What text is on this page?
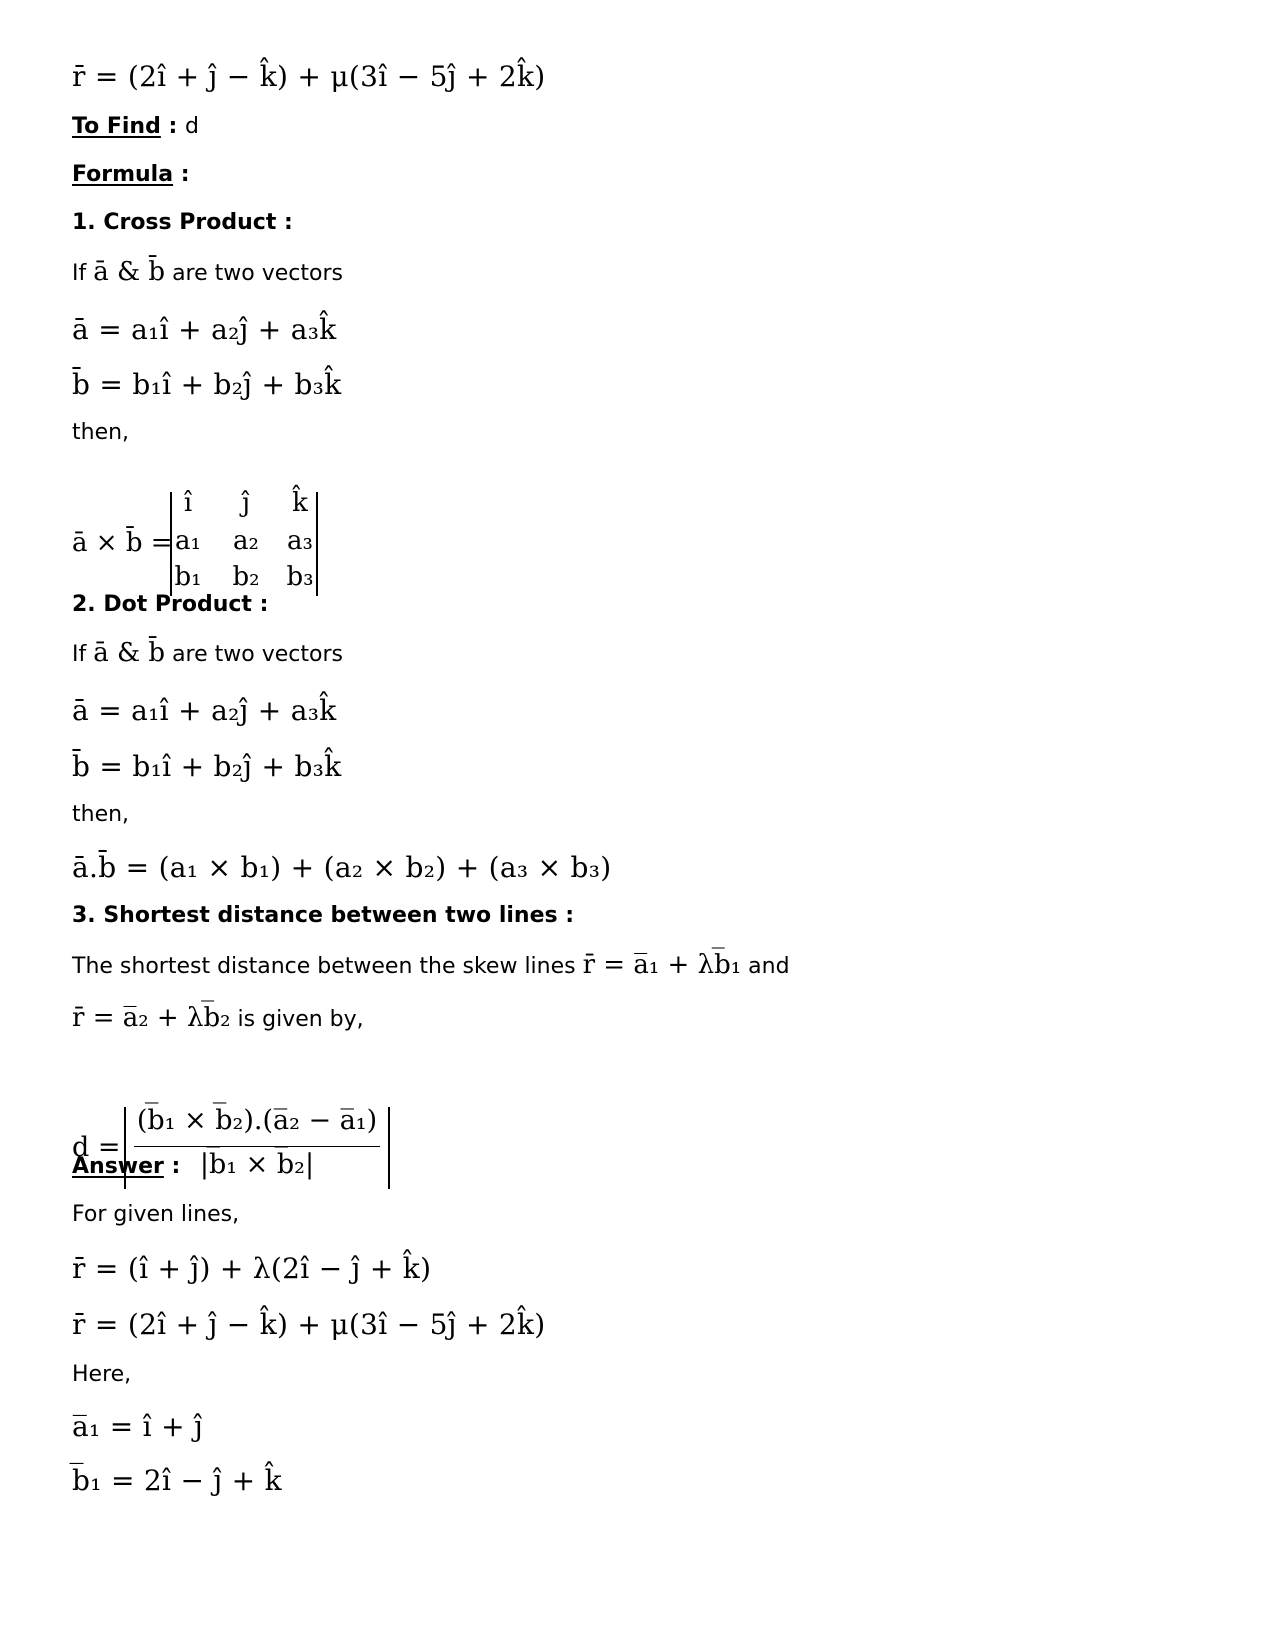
r̄ = (2î + ĵ − k̂) + μ(3î − 5ĵ + 2k̂)
To Find : d
Formula :
1. Cross Product :
If ā & b̄ are two vectors
ā = a₁î + a₂ĵ + a₃k̂
b̄ = b₁î + b₂ĵ + b₃k̂
then,
ā × b̄ =
î	ĵ	k̂
a₁	a₂	a₃
b₁	b₂	b₃
2. Dot Product :
If ā & b̄ are two vectors
ā = a₁î + a₂ĵ + a₃k̂
b̄ = b₁î + b₂ĵ + b₃k̂
then,
ā.b̄ = (a₁ × b₁) + (a₂ × b₂) + (a₃ × b₃)
3. Shortest distance between two lines :
The shortest distance between the skew lines r̄ = a̅₁ + λb̅₁ and
r̄ = a̅₂ + λb̅₂ is given by,
d =
(b̅₁ × b̅₂).(a̅₂ − a̅₁)
|b̅₁ × b̅₂|
Answer :
For given lines,
r̄ = (î + ĵ) + λ(2î − ĵ + k̂)
r̄ = (2î + ĵ − k̂) + μ(3î − 5ĵ + 2k̂)
Here,
a̅₁ = î + ĵ
b̅₁ = 2î − ĵ + k̂
